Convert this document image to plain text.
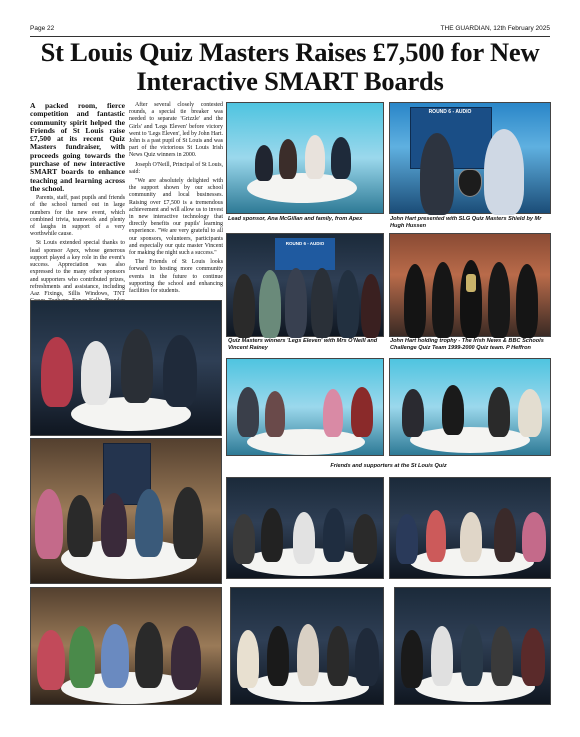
Page 22	THE GUARDIAN, 12th February 2025
St Louis Quiz Masters Raises £7,500 for New Interactive SMART Boards

A packed room, fierce competition and fantastic community spirit helped the Friends of St Louis raise £7,500 at its recent Quiz Masters fundraiser, with proceeds going towards the purchase of new interactive SMART boards to enhance teaching and learning across the school.

Parents, staff, past pupils and friends of the school turned out in large numbers for the new event, which combined trivia, teamwork and plenty of laughs in support of a very worthwhile cause.

St Louis extended special thanks to lead sponsor Apex, whose generous support played a key role in the event's success. Appreciation was also expressed to the many other sponsors and supporters who contributed prizes, refreshments and assistance, including Aaz Fixings, Sillis Windows, TNT

After several closely contested rounds, a special tie breaker was needed to separate 'Grizzle' and the Girls' and 'Legs Eleven' before victory went to 'Legs Eleven', led by John Hart. John is a past pupil of St Louis and was part of the victorious St Louis Irish News Quiz winners in 2000.

Joseph O'Neill, Principal of St Louis, said:

"We are absolutely delighted with the support shown by our school community and local businesses. Raising over £7,500 is a tremendous achievement and will allow us to invest in new interactive technology that directly benefits our pupils' learning experience. "We are very grateful to all our sponsors, volunteers, participants and especially our quiz master Vincent for making the night such a success."

The Friends of St Louis looks forward to hosting more community events in the future to continue supporting the school and enhancing facilities for students.

Lead sponsor, Ana McGillan and family, from Apex
ROUND 6 - AUDIO
John Hart presented with SLG Quiz Masters Shield by Mr Hugh Hussen
ROUND 6 - AUDIO
Quiz Masters winners 'Legs Eleven' with Mrs O'Neill and Vincent Rainey
John Hart holding trophy - The Irish News & BBC Schools Challenge Quiz Team 1999-2000 Quiz team. P Heffron
Friends and supporters at the St Louis Quiz
